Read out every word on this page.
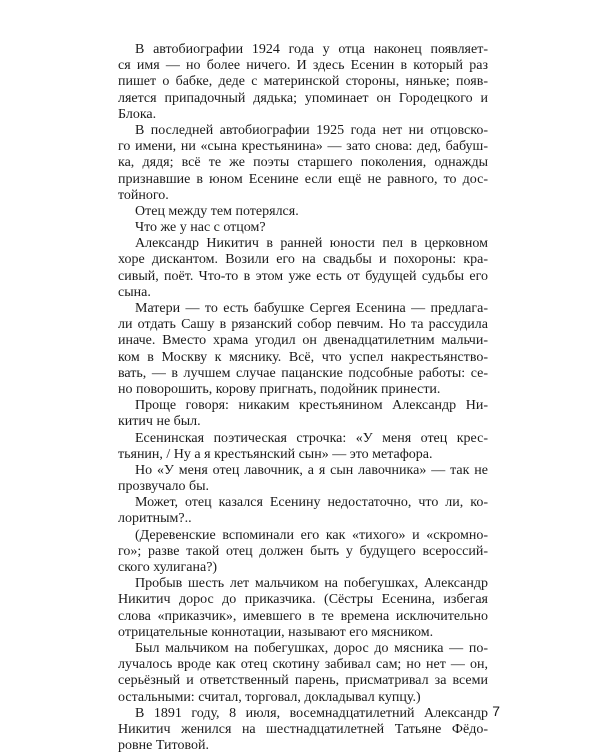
В автобиографии 1924 года у отца наконец появляет-
ся имя — но более ничего. И здесь Есенин в который раз
пишет о бабке, деде с материнской стороны, няньке; появ-
ляется припадочный дядька; упоминает он Городецкого и
Блока.
В последней автобиографии 1925 года нет ни отцовско-
го имени, ни «сына крестьянина» — зато снова: дед, бабуш-
ка, дядя; всё те же поэты старшего поколения, однажды
признавшие в юном Есенине если ещё не равного, то дос-
тойного.
Отец между тем потерялся.
Что же у нас с отцом?
Александр Никитич в ранней юности пел в церковном
хоре дискантом. Возили его на свадьбы и похороны: кра-
сивый, поёт. Что-то в этом уже есть от будущей судьбы его
сына.
Матери — то есть бабушке Сергея Есенина — предлага-
ли отдать Сашу в рязанский собор певчим. Но та рассудила
иначе. Вместо храма угодил он двенадцатилетним мальчи-
ком в Москву к мяснику. Всё, что успел накрестьянство-
вать, — в лучшем случае пацанские подсобные работы: се-
но поворошить, корову пригнать, подойник принести.
Проще говоря: никаким крестьянином Александр Ни-
китич не был.
Есенинская поэтическая строчка: «У меня отец крес-
тьянин, / Ну а я крестьянский сын» — это метафора.
Но «У меня отец лавочник, а я сын лавочника» — так не
прозвучало бы.
Может, отец казался Есенину недостаточно, что ли, ко-
лоритным?..
(Деревенские вспоминали его как «тихого» и «скромно-
го»; разве такой отец должен быть у будущего всероссий-
ского хулигана?)
Пробыв шесть лет мальчиком на побегушках, Александр
Никитич дорос до приказчика. (Сёстры Есенина, избегая
слова «приказчик», имевшего в те времена исключительно
отрицательные коннотации, называют его мясником.
Был мальчиком на побегушках, дорос до мясника — по-
лучалось вроде как отец скотину забивал сам; но нет — он,
серьёзный и ответственный парень, присматривал за всеми
остальными: считал, торговал, докладывал купцу.)
В 1891 году, 8 июля, восемнадцатилетний Александр
Никитич женился на шестнадцатилетней Татьяне Фёдо-
ровне Титовой.
7
